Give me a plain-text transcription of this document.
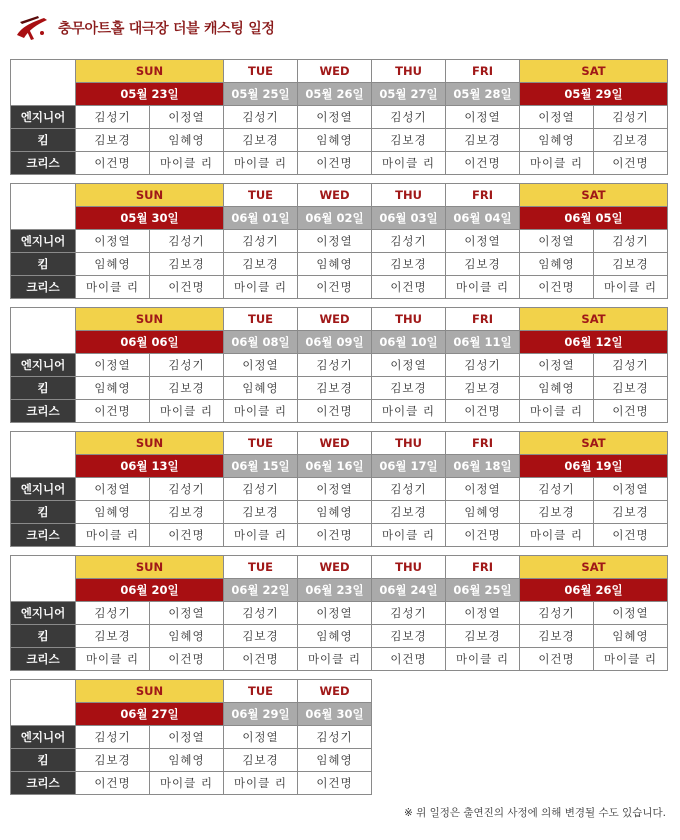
충무아트홀 대극장 더블 캐스팅 일정
	SUN		TUE	WED	THU	FRI	SAT	
	05월 23일		05월 25일	05월 26일	05월 27일	05월 28일	05월 29일	
엔지니어	김성기	이정열	김성기	이정열	김성기	이정열	이정열	김성기
킴	김보경	임혜영	김보경	임혜영	김보경	김보경	임혜영	김보경
크리스	이건명	마이클 리	마이클 리	이건명	마이클 리	이건명	마이클 리	이건명
	SUN		TUE	WED	THU	FRI	SAT	
	05월 30일		06월 01일	06월 02일	06월 03일	06월 04일	06월 05일	
엔지니어	이정열	김성기	김성기	이정열	김성기	이정열	이정열	김성기
킴	임혜영	김보경	김보경	임혜영	김보경	김보경	임혜영	김보경
크리스	마이클 리	이건명	마이클 리	이건명	이건명	마이클 리	이건명	마이클 리
	SUN		TUE	WED	THU	FRI	SAT	
	06월 06일		06월 08일	06월 09일	06월 10일	06월 11일	06월 12일	
엔지니어	이정열	김성기	이정열	김성기	이정열	김성기	이정열	김성기
킴	임혜영	김보경	임혜영	김보경	김보경	김보경	임혜영	김보경
크리스	이건명	마이클 리	마이클 리	이건명	마이클 리	이건명	마이클 리	이건명
	SUN		TUE	WED	THU	FRI	SAT	
	06월 13일		06월 15일	06월 16일	06월 17일	06월 18일	06월 19일	
엔지니어	이정열	김성기	김성기	이정열	김성기	이정열	김성기	이정열
킴	임혜영	김보경	김보경	임혜영	김보경	임혜영	김보경	김보경
크리스	마이클 리	이건명	마이클 리	이건명	마이클 리	이건명	마이클 리	이건명
	SUN		TUE	WED	THU	FRI	SAT	
	06월 20일		06월 22일	06월 23일	06월 24일	06월 25일	06월 26일	
엔지니어	김성기	이정열	김성기	이정열	김성기	이정열	김성기	이정열
킴	김보경	임혜영	김보경	임혜영	김보경	김보경	김보경	임혜영
크리스	마이클 리	이건명	이건명	마이클 리	이건명	마이클 리	이건명	마이클 리
	SUN		TUE	WED
	06월 27일		06월 29일	06월 30일
엔지니어	김성기	이정열	이정열	김성기
킴	김보경	임혜영	김보경	임혜영
크리스	이건명	마이클 리	마이클 리	이건명
※ 위 일정은 출연진의 사정에 의해 변경될 수도 있습니다.
